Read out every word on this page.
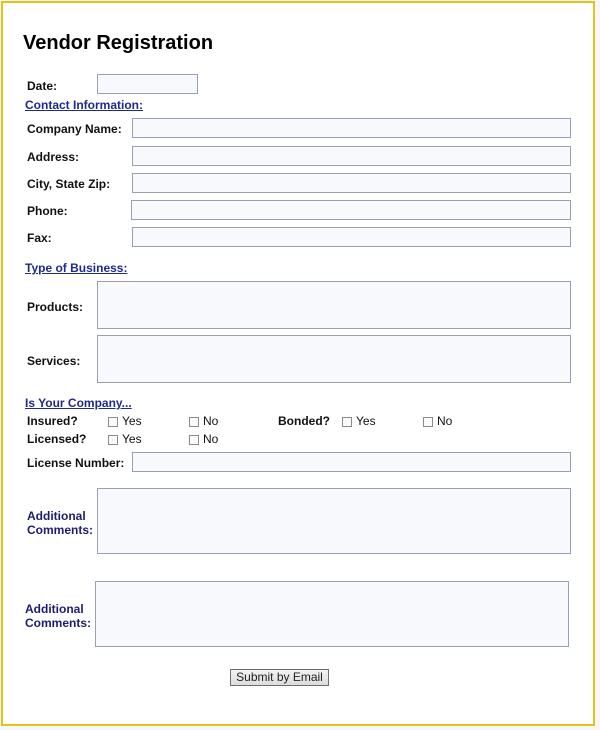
Vendor Registration
Date:
Contact Information:
Company Name:
Address:
City, State Zip:
Phone:
Fax:
Type of Business:
Products:
Services:
Is Your Company...
Insured?	Yes	No	Bonded? Yes	No
Licensed?	Yes	No
License Number:
Additional Comments:
Additional Comments:
Submit by Email
